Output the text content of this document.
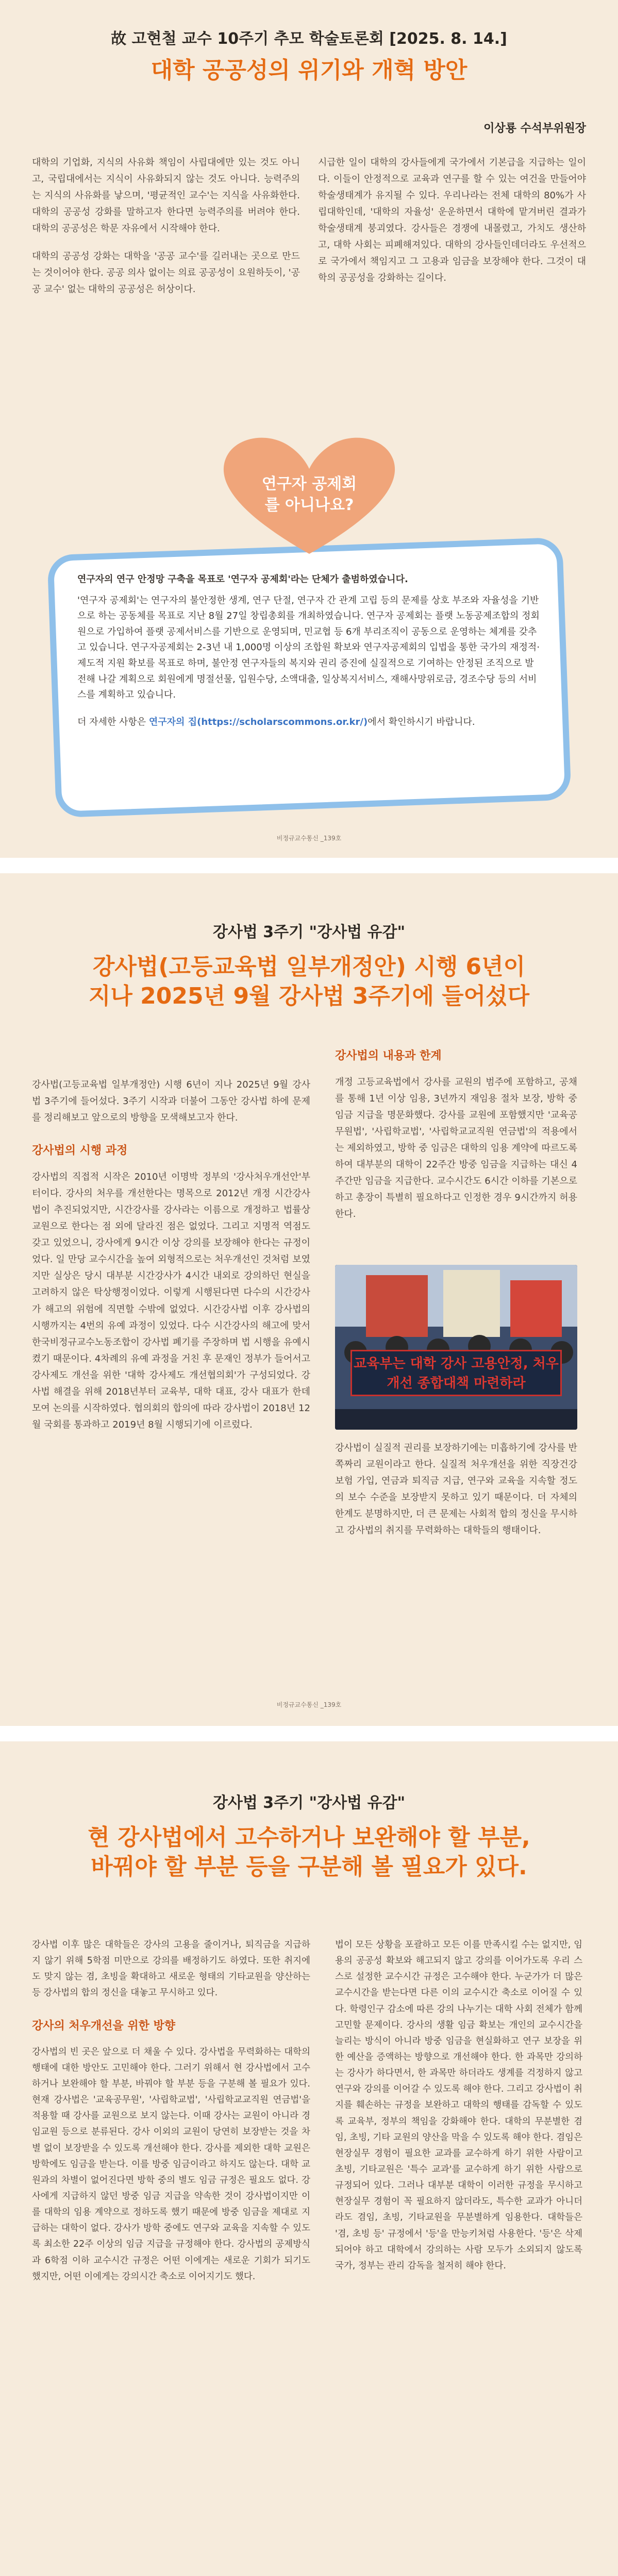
故 고현철 교수 10주기 추모 학술토론회 [2025. 8. 14.]
대학 공공성의 위기와 개혁 방안
이상룡 수석부위원장

대학의 기업화, 지식의 사유화 책임이 사립대에만 있는 것도 아니고, 국립대에서는 지식이 사유화되지 않는 것도 아니다. 능력주의는 지식의 사유화를 낳으며, '평균적인 교수'는 지식을 사유화한다. 대학의 공공성 강화를 말하고자 한다면 능력주의를 버려야 한다. 대학의 공공성은 학문 자유에서 시작해야 한다.

대학의 공공성 강화는 대학을 '공공 교수'를 길러내는 곳으로 만드는 것이어야 한다. 공공 의사 없이는 의료 공공성이 요원하듯이, '공공 교수' 없는 대학의 공공성은 허상이다.

시급한 일이 대학의 강사들에게 국가에서 기본급을 지급하는 일이다. 이들이 안정적으로 교육과 연구를 할 수 있는 여건을 만들어야 학술생태계가 유지될 수 있다. 우리나라는 전체 대학의 80%가 사립대학인데, '대학의 자율성' 운운하면서 대학에 맡겨버린 결과가 학술생태계 붕괴였다. 강사들은 경쟁에 내몰렸고, 가치도 생산하고, 대학 사회는 피폐해져있다. 대학의 강사들인데더라도 우선적으로 국가에서 책임지고 그 고용과 임금을 보장해야 한다. 그것이 대학의 공공성을 강화하는 길이다.

연구자 공제회를 아니나요?

연구자의 연구 안정망 구축을 목표로 '연구자 공제회'라는 단체가 출범하였습니다.

'연구자 공제회'는 연구자의 불안정한 생계, 연구 단절, 연구자 간 관계 고립 등의 문제를 상호 부조와 자율성을 기반으로 하는 공동체를 목표로 지난 8월 27일 창립총회를 개최하였습니다. 연구자 공제회는 플랫 노동공제조합의 정회원으로 가입하여 플랫 공제서비스를 기반으로 운영되며, 민교협 등 6개 부리조직이 공동으로 운영하는 체계를 갖추고 있습니다. 연구자공제회는 2-3년 내 1,000명 이상의 조합원 확보와 연구자공제회의 입법을 통한 국가의 재정적·제도적 지원 확보를 목표로 하며, 불안정 연구자들의 복지와 권리 증진에 실질적으로 기여하는 안정된 조직으로 발전해 나갈 계획으로 회원에게 명절선물, 입원수당, 소액대출, 일상복지서비스, 재해사망위로금, 경조수당 등의 서비스를 계획하고 있습니다.

더 자세한 사항은 연구자의 집(https://scholarscommons.or.kr/)에서 확인하시기 바랍니다.

비정규교수통신 _139호
강사법 3주기 "강사법 유감"
강사법(고등교육법 일부개정안) 시행 6년이
지나 2025년 9월 강사법 3주기에 들어섰다

강사법(고등교육법 일부개정안) 시행 6년이 지나 2025년 9월 강사법 3주기에 들어섰다. 3주기 시작과 더불어 그동안 강사법 하에 문제를 정리해보고 앞으로의 방향을 모색해보고자 한다.

강사법의 시행 과정

강사법의 직접적 시작은 2010년 이명박 정부의 '강사처우개선안'부터이다. 강사의 처우를 개선한다는 명목으로 2012년 개정 시간강사법이 추진되었지만, 시간강사를 강사라는 이름으로 개정하고 법률상 교원으로 한다는 점 외에 달라진 점은 없었다. 그리고 지명적 역점도 갖고 있었으니, 강사에게 9시간 이상 강의를 보장해야 한다는 규정이었다. 일 만당 교수시간을 높여 외형적으로는 처우개선인 것처럼 보였지만 실상은 당시 대부분 시간강사가 4시간 내외로 강의하던 현실을 고려하지 않은 탁상행정이었다. 이렇게 시행된다면 다수의 시간강사가 해고의 위험에 직면할 수밖에 없었다. 시간강사법 이후 강사법의 시행까지는 4번의 유예 과정이 있었다. 다수 시간강사의 해고에 맞서 한국비정규교수노동조합이 강사법 폐기를 주장하며 법 시행을 유예시켰기 때문이다. 4차례의 유예 과정을 거친 후 문재인 정부가 들어서고 강사제도 개선을 위한 '대학 강사제도 개선협의회'가 구성되었다. 강사법 해결을 위해 2018년부터 교육부, 대학 대표, 강사 대표가 한데 모여 논의를 시작하였다. 협의회의 합의에 따라 강사법이 2018년 12월 국회를 통과하고 2019년 8월 시행되기에 이르렀다.

강사법의 내용과 한계

개정 고등교육법에서 강사를 교원의 범주에 포함하고, 공채를 통해 1년 이상 임용, 3년까지 재임용 절차 보장, 방학 중 임금 지급을 명문화했다. 강사를 교원에 포함했지만 '교육공무원법', '사립학교법', '사립학교교직원 연금법'의 적용에서는 제외하였고, 방학 중 임금은 대학의 임용 계약에 따르도록 하여 대부분의 대학이 22주간 방중 임금을 지급하는 대신 4주간만 임금을 지급한다. 교수시간도 6시간 이하를 기본으로 하고 총장이 특별히 필요하다고 인정한 경우 9시간까지 허용한다.

교육부는 대학 강사 고용안정, 처우개선 종합대책 마련하라

강사법이 실질적 권리를 보장하기에는 미흡하기에 강사를 반쪽짜리 교원이라고 한다. 실질적 처우개선을 위한 직장건강보험 가입, 연금과 퇴직금 지급, 연구와 교육을 지속할 정도의 보수 수준을 보장받지 못하고 있기 때문이다. 더 자체의 한계도 분명하지만, 더 큰 문제는 사회적 합의 정신을 무시하고 강사법의 취지를 무력화하는 대학들의 행태이다.

비정규교수통신 _139호
강사법 3주기 "강사법 유감"
현 강사법에서 고수하거나 보완해야 할 부분,
바꿔야 할 부분 등을 구분해 볼 필요가 있다.

강사법 이후 많은 대학들은 강사의 고용을 줄이거나, 퇴직금을 지급하지 않기 위해 5학점 미만으로 강의를 배정하기도 하였다. 또한 취지에도 맞지 않는 겸, 초빙을 확대하고 새로운 형태의 기타교원을 양산하는 등 강사법의 합의 정신을 대놓고 무시하고 있다.

강사의 처우개선을 위한 방향

강사법의 빈 곳은 앞으로 더 채울 수 있다. 강사법을 무력화하는 대학의 행태에 대한 방안도 고민해야 한다. 그러기 위해서 현 강사법에서 고수하거나 보완해야 할 부분, 바꿔야 할 부분 등을 구분해 볼 필요가 있다. 현재 강사법은 '교육공무원', '사립학교법', '사립학교교직원 연금법'을 적용할 때 강사를 교원으로 보지 않는다. 이때 강사는 교원이 아니라 경임교원 등으로 분류된다. 강사 이외의 교원이 당연히 보장받는 것을 차별 없이 보장받을 수 있도록 개선해야 한다. 강사를 제외한 대학 교원은 방학에도 임금을 받는다. 이를 방중 임금이라고 하지도 않는다. 대학 교원과의 차별이 없어진다면 방학 중의 별도 임금 규정은 필요도 없다. 강사에게 지급하지 않던 방중 임금 지급을 약속한 것이 강사법이지만 이를 대학의 임용 계약으로 정하도록 했기 때문에 방중 임금을 제대로 지급하는 대학이 없다. 강사가 방학 중에도 연구와 교육을 지속할 수 있도록 최소한 22주 이상의 임금 지급을 규정해야 한다. 강사법의 공제방식과 6학점 이하 교수시간 규정은 어떤 이에게는 새로운 기회가 되기도 했지만, 어떤 이에게는 강의시간 축소로 이어지기도 했다.

법이 모든 상황을 포괄하고 모든 이를 만족시킬 수는 없지만, 임용의 공공성 확보와 해고되지 않고 강의를 이어가도록 우리 스스로 설정한 교수시간 규정은 고수해야 한다. 누군가가 더 많은 교수시간을 받는다면 다른 이의 교수시간 축소로 이어질 수 있다. 학령인구 감소에 따른 강의 나누기는 대학 사회 전체가 함께 고민할 문제이다. 강사의 생활 임금 확보는 개인의 교수시간을 늘리는 방식이 아니라 방중 임금을 현실화하고 연구 보장을 위한 예산을 증액하는 방향으로 개선해야 한다. 한 과목만 강의하는 강사가 하다면서, 한 과목만 하더라도 생계를 걱정하지 않고 연구와 강의를 이어갈 수 있도록 해야 한다. 그리고 강사법이 취지를 훼손하는 규정을 보완하고 대학의 행태를 감독할 수 있도록 교육부, 정부의 책임을 강화해야 한다. 대학의 무분별한 겸임, 초빙, 기타 교원의 양산을 막을 수 있도록 해야 한다. 겸임은 현장실무 경험이 필요한 교과를 교수하게 하기 위한 사람이고 초빙, 기타교원은 '특수 교과'를 교수하게 하기 위한 사람으로 규정되어 있다. 그러나 대부분 대학이 이러한 규정을 무시하고 현장실무 경험이 꼭 필요하지 않더라도, 특수한 교과가 아니더라도 겸임, 초빙, 기타교원을 무분별하게 임용한다. 대학들은 '겸, 초빙 등' 규정에서 '등'을 만능키처럼 사용한다. '등'은 삭제되어야 하고 대학에서 강의하는 사람 모두가 소외되지 않도록 국가, 정부는 관리 감독을 철저히 해야 한다.
